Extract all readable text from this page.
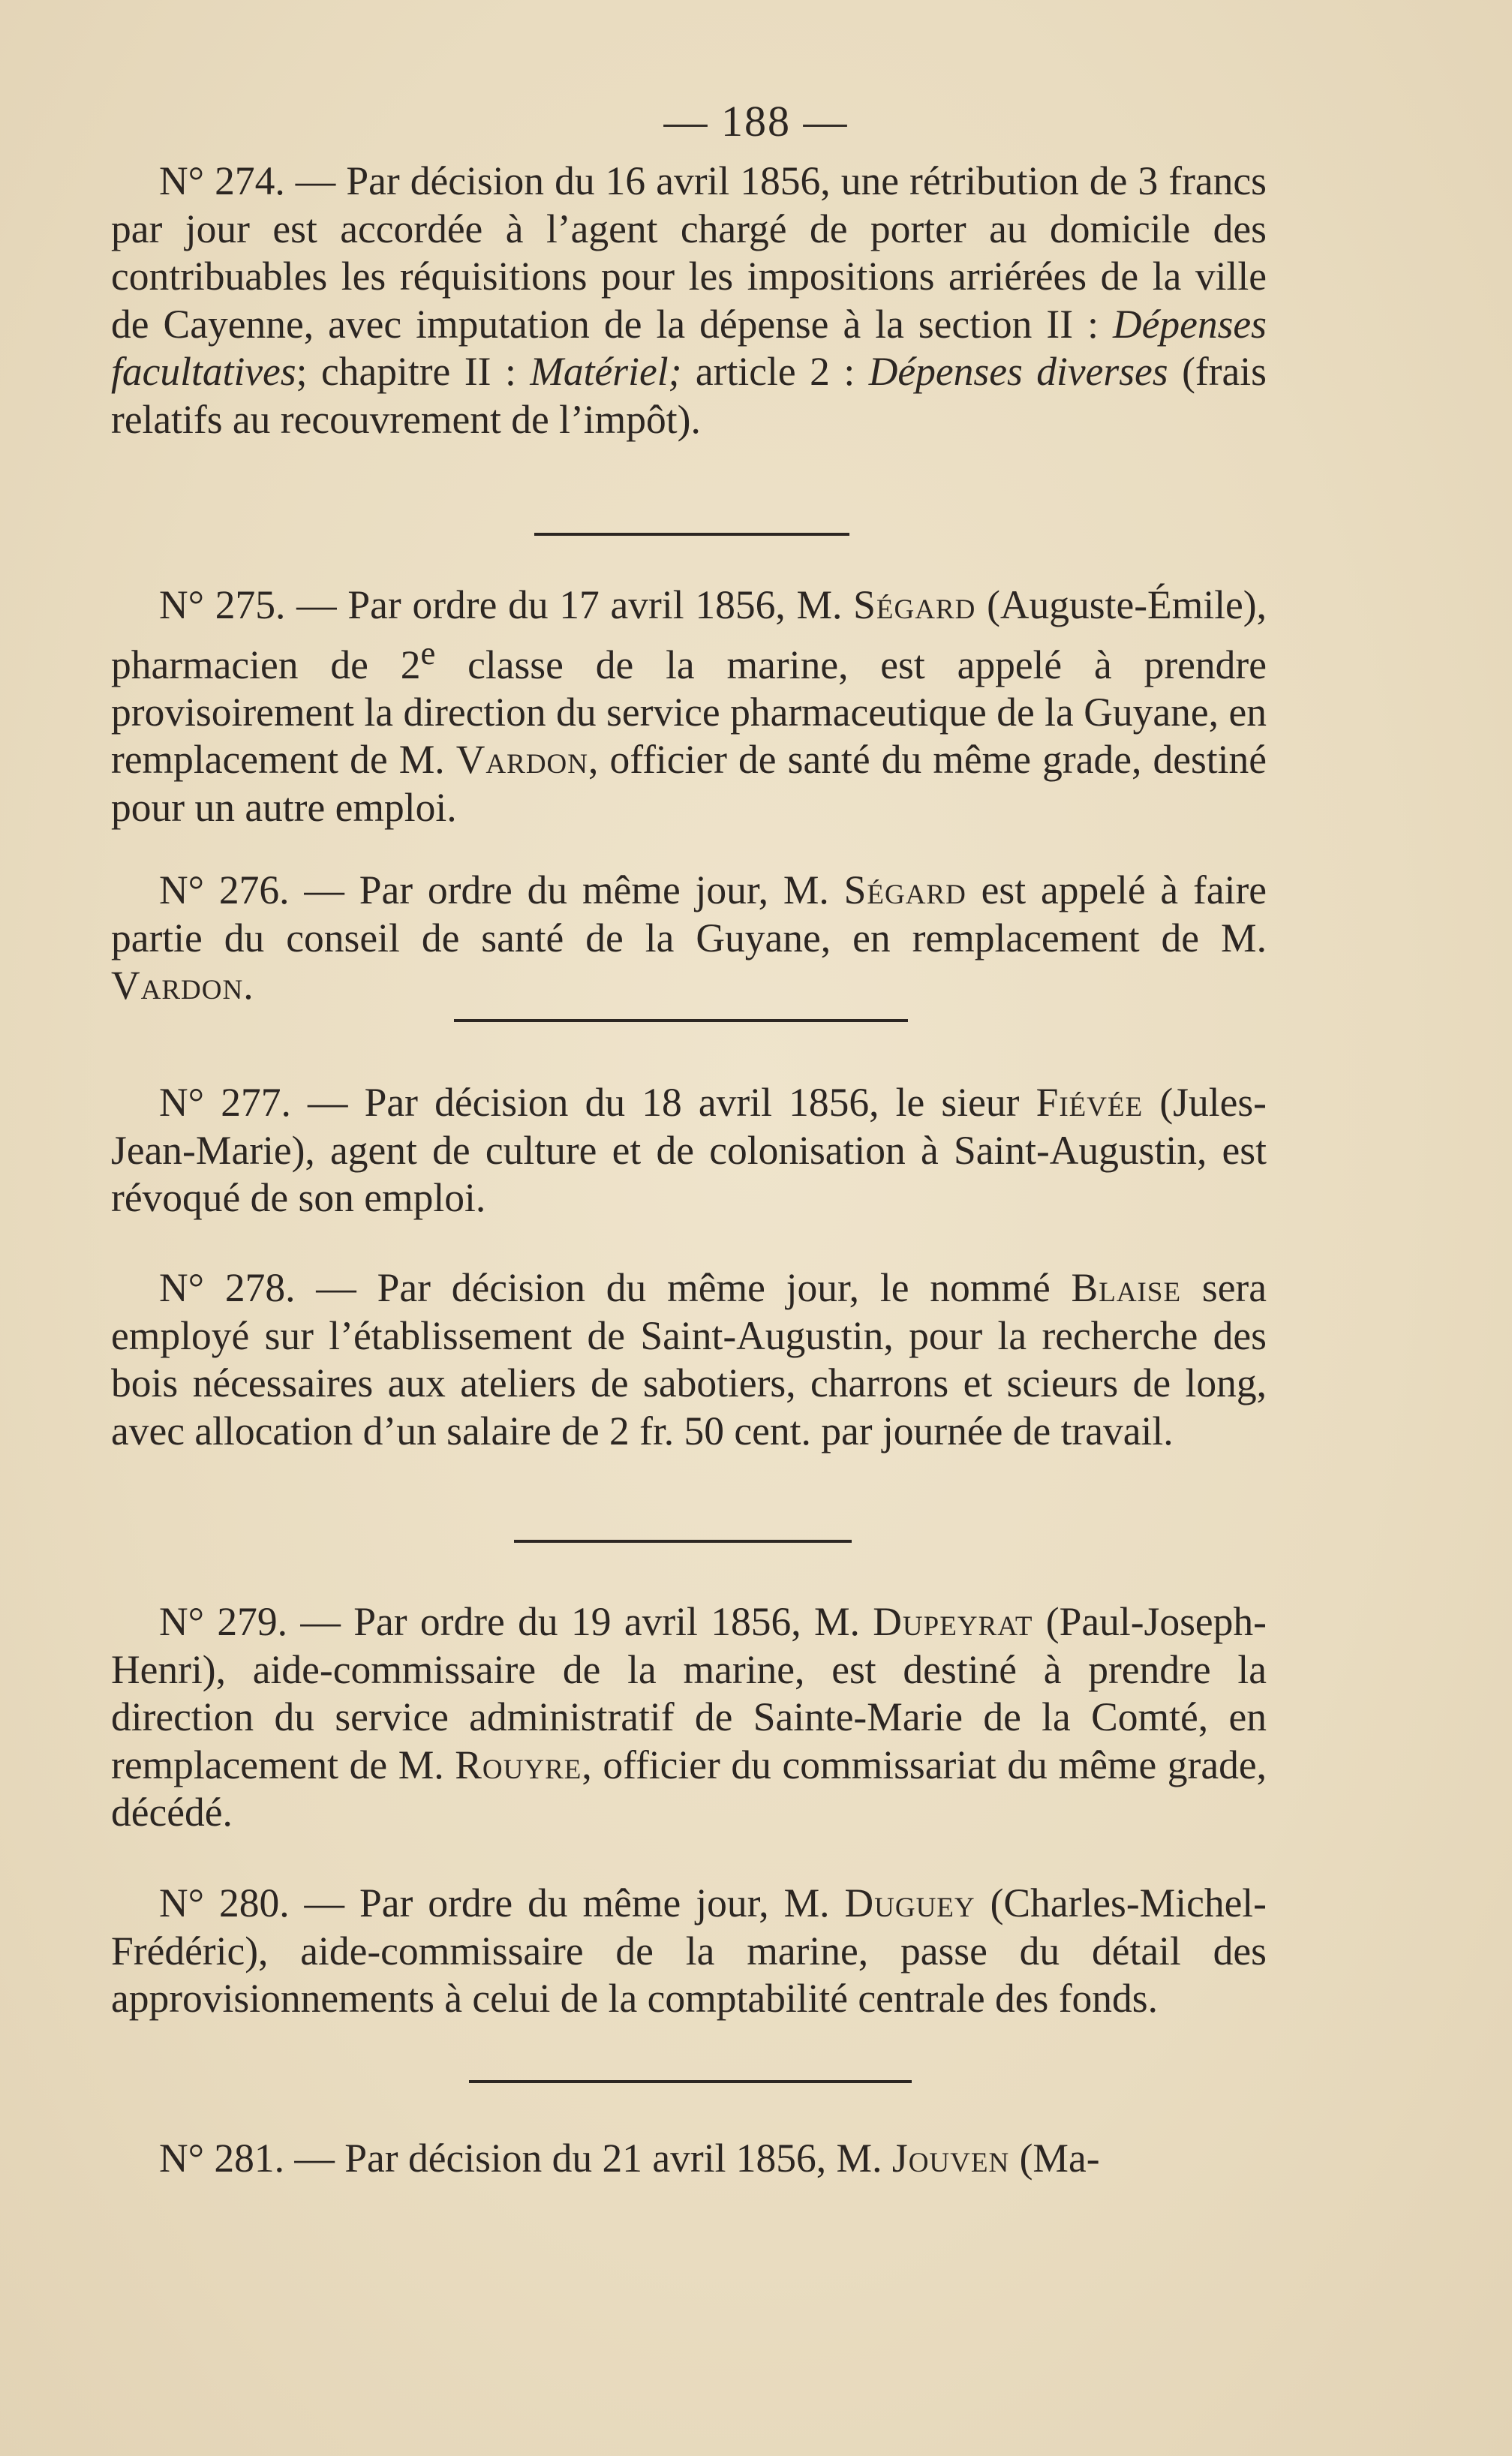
— 188 —

N° 274. — Par décision du 16 avril 1856, une rétribution de 3 francs par jour est accordée à l’agent chargé de porter au domicile des contribuables les réquisitions pour les impositions arriérées de la ville de Cayenne, avec imputation de la dépense à la section II : Dépenses facultatives; chapitre II : Matériel; article 2 : Dépenses diverses (frais relatifs au recouvrement de l’impôt).

N° 275. — Par ordre du 17 avril 1856, M. Ségard (Auguste-Émile), pharmacien de 2e classe de la marine, est appelé à prendre provisoirement la direction du service pharmaceutique de la Guyane, en remplacement de M. Vardon, officier de santé du même grade, destiné pour un autre emploi.

N° 276. — Par ordre du même jour, M. Ségard est appelé à faire partie du conseil de santé de la Guyane, en remplacement de M. Vardon.

N° 277. — Par décision du 18 avril 1856, le sieur Fiévée (Jules-Jean-Marie), agent de culture et de colonisation à Saint-Augustin, est révoqué de son emploi.

N° 278. — Par décision du même jour, le nommé Blaise sera employé sur l’établissement de Saint-Augustin, pour la recherche des bois nécessaires aux ateliers de sabotiers, charrons et scieurs de long, avec allocation d’un salaire de 2 fr. 50 cent. par journée de travail.

N° 279. — Par ordre du 19 avril 1856, M. Dupeyrat (Paul-Joseph-Henri), aide-commissaire de la marine, est destiné à prendre la direction du service administratif de Sainte-Marie de la Comté, en remplacement de M. Rouyre, officier du commissariat du même grade, décédé.

N° 280. — Par ordre du même jour, M. Duguey (Charles-Michel-Frédéric), aide-commissaire de la marine, passe du détail des approvisionnements à celui de la comptabilité centrale des fonds.

N° 281. — Par décision du 21 avril 1856, M. Jouven (Ma-
